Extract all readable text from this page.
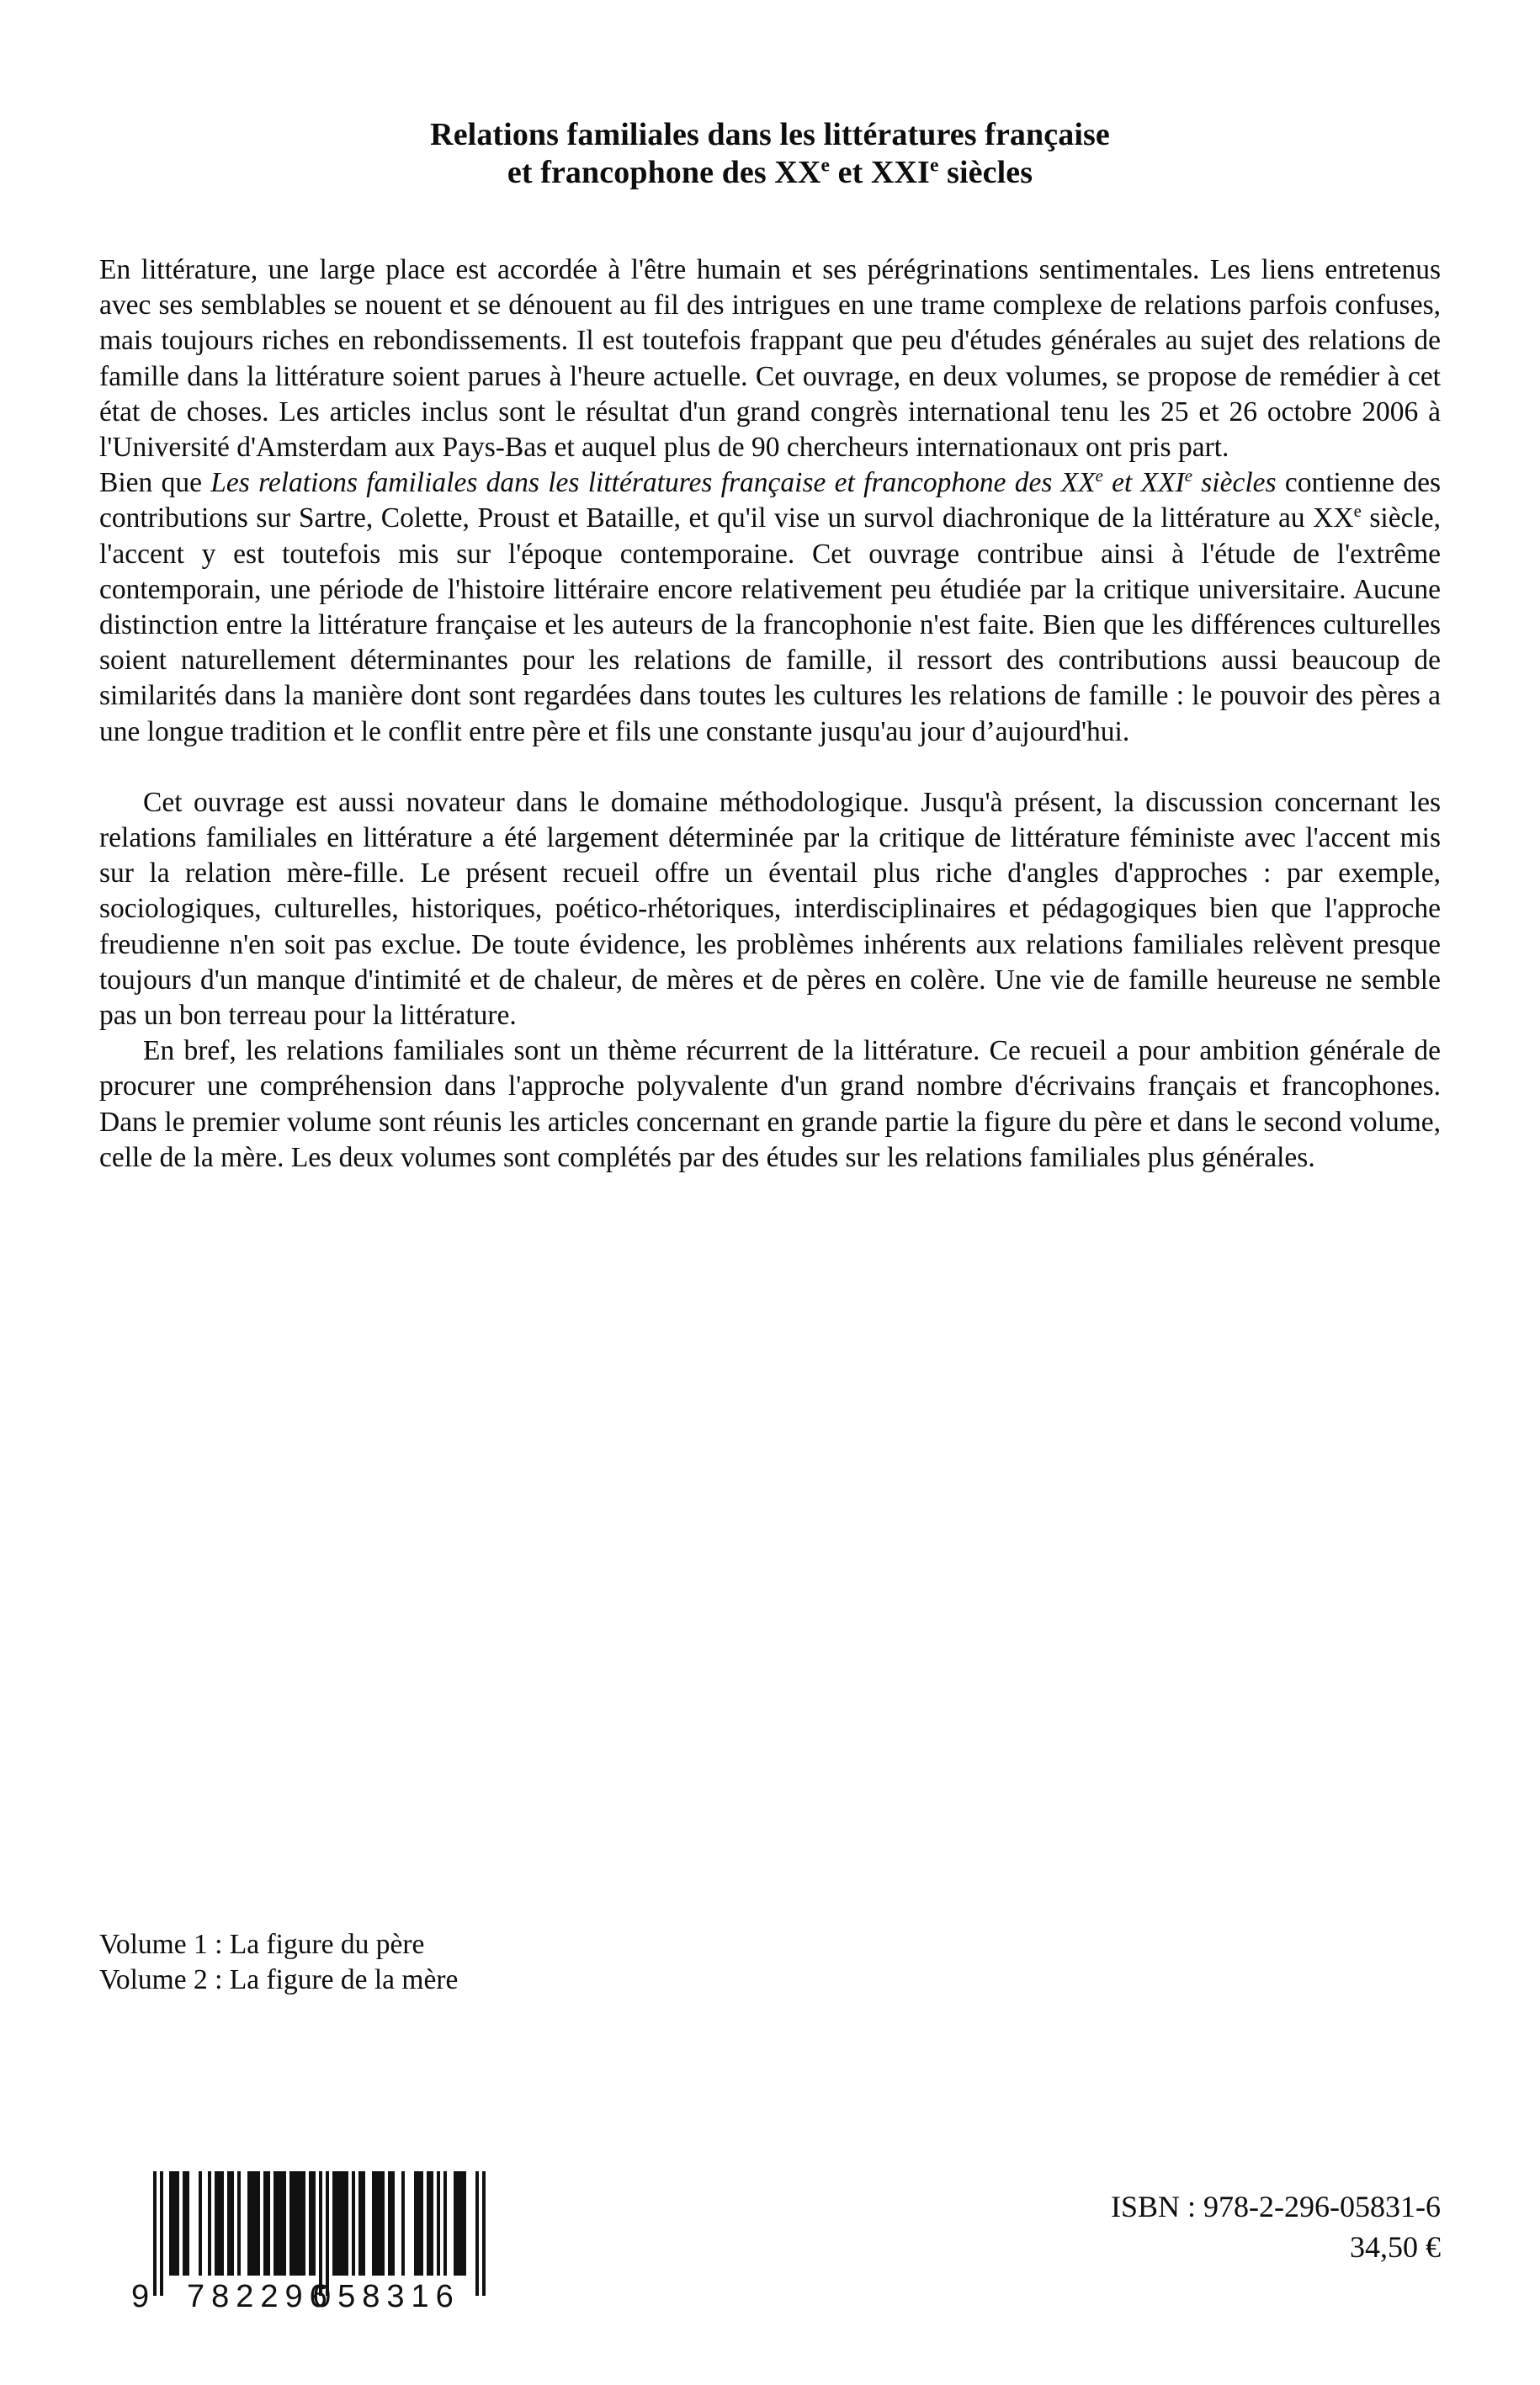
Relations familiales dans les littératures française
et francophone des XXe et XXIe siècles

En littérature, une large place est accordée à l'être humain et ses pérégrinations sentimentales. Les liens entretenus avec ses semblables se nouent et se dénouent au fil des intrigues en une trame complexe de relations parfois confuses, mais toujours riches en rebondissements. Il est toutefois frappant que peu d'études générales au sujet des relations de famille dans la littérature soient parues à l'heure actuelle. Cet ouvrage, en deux volumes, se propose de remédier à cet état de choses. Les articles inclus sont le résultat d'un grand congrès international tenu les 25 et 26 octobre 2006 à l'Université d'Amsterdam aux Pays-Bas et auquel plus de 90 chercheurs internationaux ont pris part.

Bien que Les relations familiales dans les littératures française et francophone des XXe et XXIe siècles contienne des contributions sur Sartre, Colette, Proust et Bataille, et qu'il vise un survol diachronique de la littérature au XXe siècle, l'accent y est toutefois mis sur l'époque contemporaine. Cet ouvrage contribue ainsi à l'étude de l'extrême contemporain, une période de l'histoire littéraire encore relativement peu étudiée par la critique universitaire. Aucune distinction entre la littérature française et les auteurs de la francophonie n'est faite. Bien que les différences culturelles soient naturellement déterminantes pour les relations de famille, il ressort des contributions aussi beaucoup de similarités dans la manière dont sont regardées dans toutes les cultures les relations de famille : le pouvoir des pères a une longue tradition et le conflit entre père et fils une constante jusqu'au jour d’aujourd'hui.

Cet ouvrage est aussi novateur dans le domaine méthodologique. Jusqu'à présent, la discussion concernant les relations familiales en littérature a été largement déterminée par la critique de littérature féministe avec l'accent mis sur la relation mère-fille. Le présent recueil offre un éventail plus riche d'angles d'approches : par exemple, sociologiques, culturelles, historiques, poético-rhétoriques, interdisciplinaires et pédagogiques bien que l'approche freudienne n'en soit pas exclue. De toute évidence, les problèmes inhérents aux relations familiales relèvent presque toujours d'un manque d'intimité et de chaleur, de mères et de pères en colère. Une vie de famille heureuse ne semble pas un bon terreau pour la littérature.

En bref, les relations familiales sont un thème récurrent de la littérature. Ce recueil a pour ambition générale de procurer une compréhension dans l'approche polyvalente d'un grand nombre d'écrivains français et francophones. Dans le premier volume sont réunis les articles concernant en grande partie la figure du père et dans le second volume, celle de la mère. Les deux volumes sont complétés par des études sur les relations familiales plus générales.

Volume 1 : La figure du père
Volume 2 : La figure de la mère
9 782296
058316
ISBN : 978-2-296-05831-6
34,50 €
